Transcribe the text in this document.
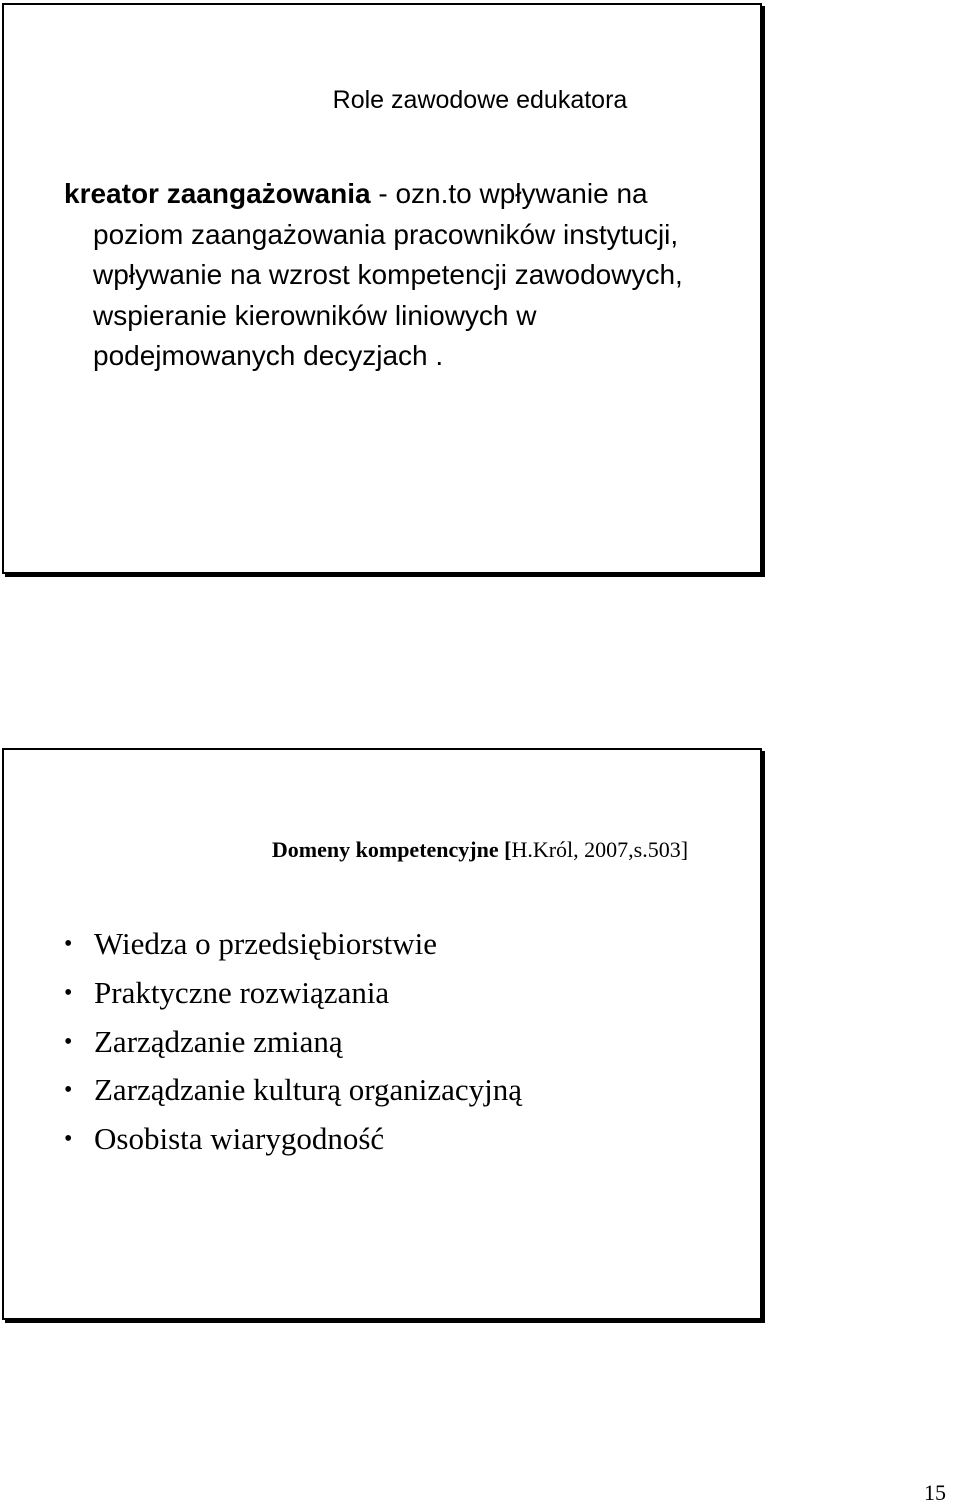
Role zawodowe edukatora
kreator zaangażowania - ozn.to wpływanie na poziom zaangażowania pracowników instytucji, wpływanie na wzrost kompetencji zawodowych, wspieranie kierowników liniowych w podejmowanych decyzjach .
Domeny kompetencyjne [H.Król, 2007,s.503]
• Wiedza o przedsiębiorstwie
• Praktyczne rozwiązania
• Zarządzanie zmianą
• Zarządzanie kulturą organizacyjną
• Osobista wiarygodność
15
